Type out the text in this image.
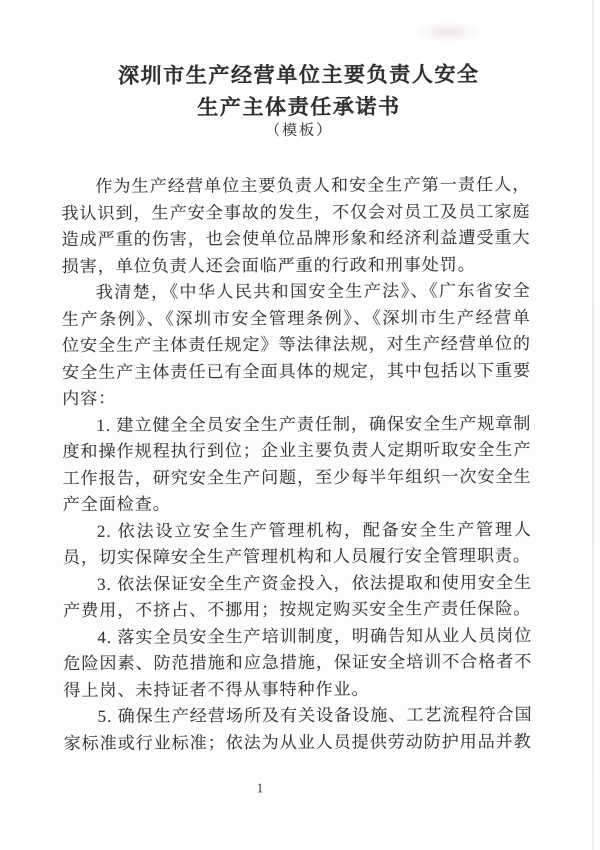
深圳市生产经营单位主要负责人安全
生产主体责任承诺书
（模板）

作为生产经营单位主要负责人和安全生产第一责任人，我认识到，生产安全事故的发生，不仅会对员工及员工家庭造成严重的伤害，也会使单位品牌形象和经济利益遭受重大损害，单位负责人还会面临严重的行政和刑事处罚。

我清楚，《中华人民共和国安全生产法》、《广东省安全生产条例》、《深圳市安全管理条例》、《深圳市生产经营单位安全生产主体责任规定》等法律法规，对生产经营单位的安全生产主体责任已有全面具体的规定，其中包括以下重要内容：

1. 建立健全全员安全生产责任制，确保安全生产规章制度和操作规程执行到位；企业主要负责人定期听取安全生产工作报告，研究安全生产问题，至少每半年组织一次安全生产全面检查。

2. 依法设立安全生产管理机构，配备安全生产管理人员，切实保障安全生产管理机构和人员履行安全管理职责。

3. 依法保证安全生产资金投入，依法提取和使用安全生产费用，不挤占、不挪用；按规定购买安全生产责任保险。

4. 落实全员安全生产培训制度，明确告知从业人员岗位危险因素、防范措施和应急措施，保证安全培训不合格者不得上岗、未持证者不得从事特种作业。

5. 确保生产经营场所及有关设备设施、工艺流程符合国家标准或行业标准；依法为从业人员提供劳动防护用品并教

1
